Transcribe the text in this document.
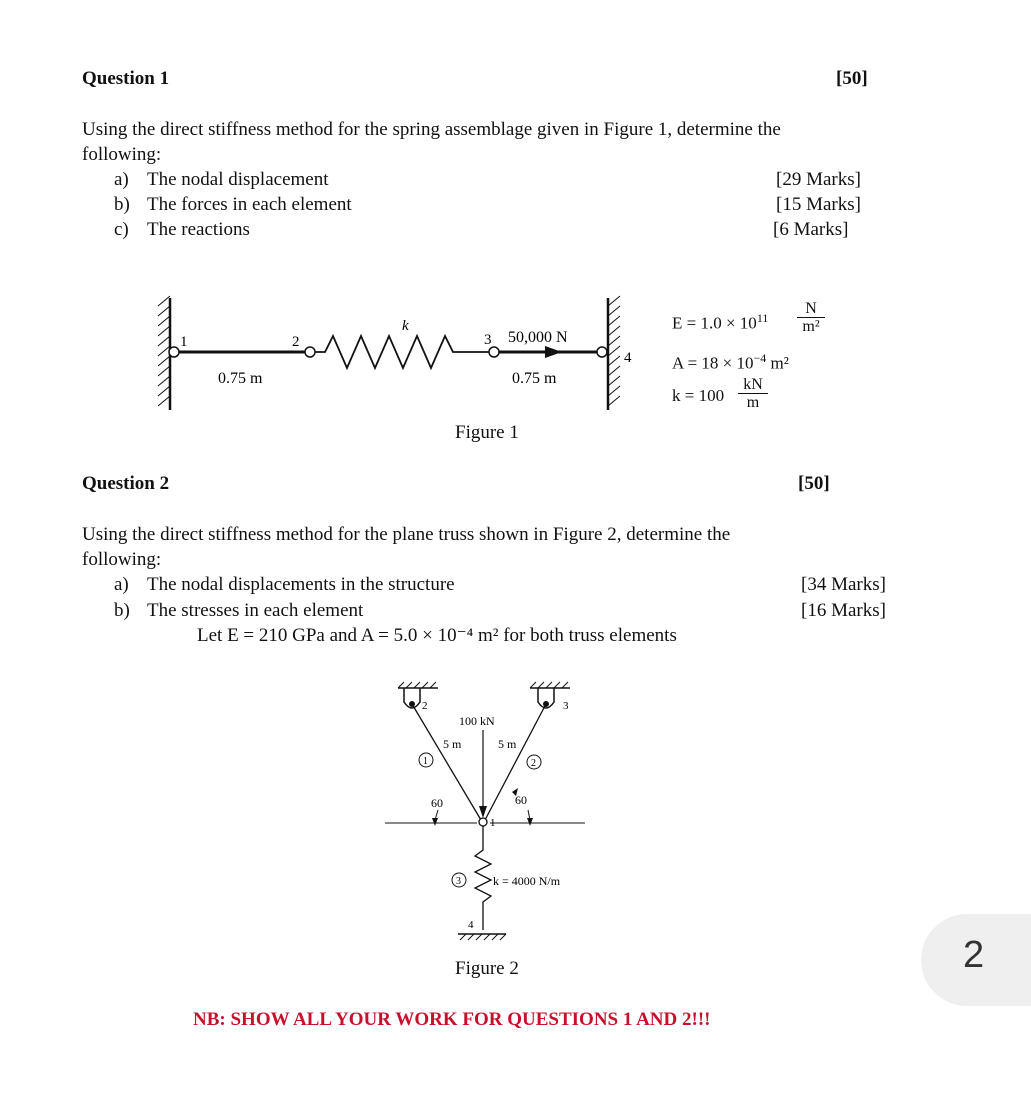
Question 1	[50]
Using the direct stiffness method for the spring assemblage given in Figure 1, determine the
following:
a) The nodal displacement	[29 Marks]
b) The forces in each element	[15 Marks]
c) The reactions	[6 Marks]
1	2
k
3 50,000 N
4
0.75 m	0.75 m
$E = 1.0 \times 10^{11}$
N
m²
$A = 18 \times 10^{-4}$ m²
k = 100
kN
m
Figure 1
Question 2	[50]
Using the direct stiffness method for the plane truss shown in Figure 2, determine the
following:
a) The nodal displacements in the structure	[34 Marks]
b) The stresses in each element	[16 Marks]
Let E = 210 GPa and A = 5.0 × 10⁻⁴ m² for both truss elements
2	3
100 kN
5 m	5 m
1	2
3
60	60
1
k = 4000 N/m
4
Figure 2	2
NB: SHOW ALL YOUR WORK FOR QUESTIONS 1 AND 2!!!
